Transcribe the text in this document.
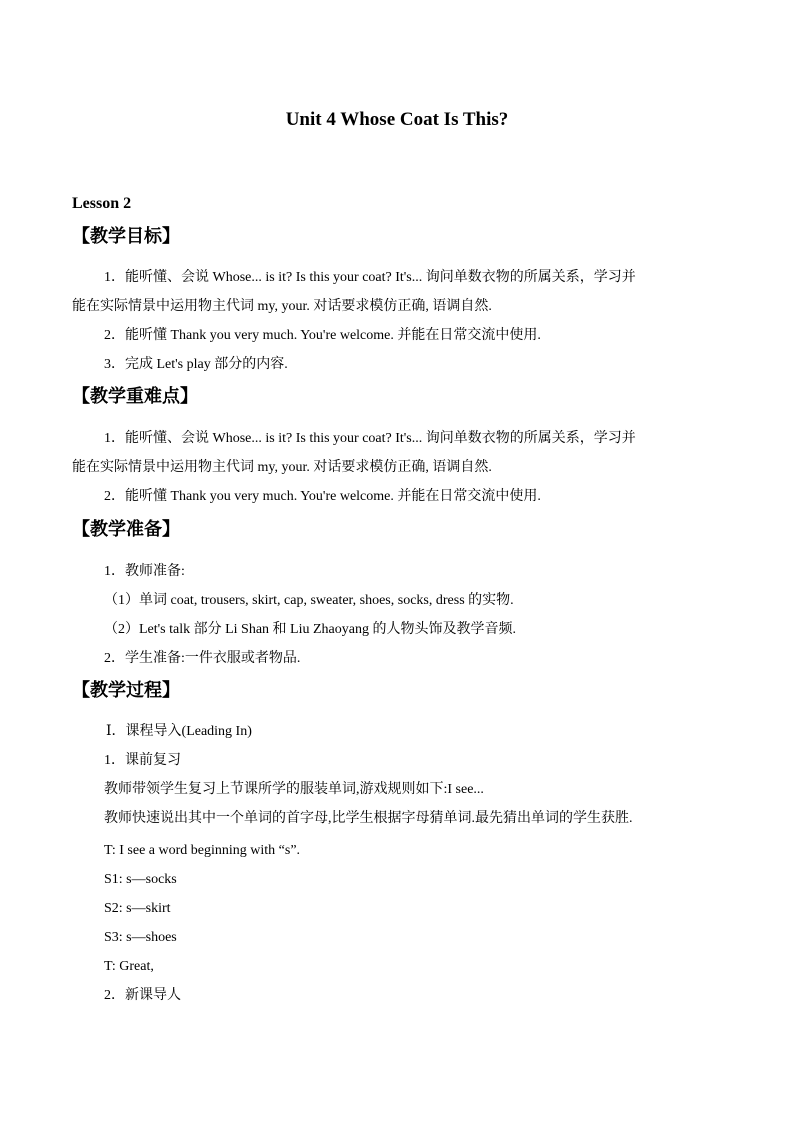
Unit 4 Whose Coat Is This?
Lesson 2
【教学目标】
1．能听懂、会说 Whose... is it? Is this your coat? It's... 询问单数衣物的所属关系，学习并
能在实际情景中运用物主代词 my, your. 对话要求模仿正确, 语调自然.
2．能听懂 Thank you very much. You're welcome. 并能在日常交流中使用.
3．完成 Let's play 部分的内容.
【教学重难点】
1．能听懂、会说 Whose... is it? Is this your coat? It's... 询问单数衣物的所属关系，学习并
能在实际情景中运用物主代词 my, your. 对话要求模仿正确, 语调自然.
2．能听懂 Thank you very much. You're welcome. 并能在日常交流中使用.
【教学准备】
1．教师准备:
（1）单词 coat, trousers, skirt, cap, sweater, shoes, socks, dress 的实物.
（2）Let's talk 部分 Li Shan 和 Liu Zhaoyang 的人物头饰及教学音频.
2．学生准备:一件衣服或者物品.
【教学过程】
Ⅰ．课程导入(Leading In)
1．课前复习
教师带领学生复习上节课所学的服装单词,游戏规则如下:I see...
教师快速说出其中一个单词的首字母,比学生根据字母猜单词.最先猜出单词的学生获胜.
T: I see a word beginning with “s”.
S1: s—socks
S2: s—skirt
S3: s—shoes
T: Great,
2．新课导人
